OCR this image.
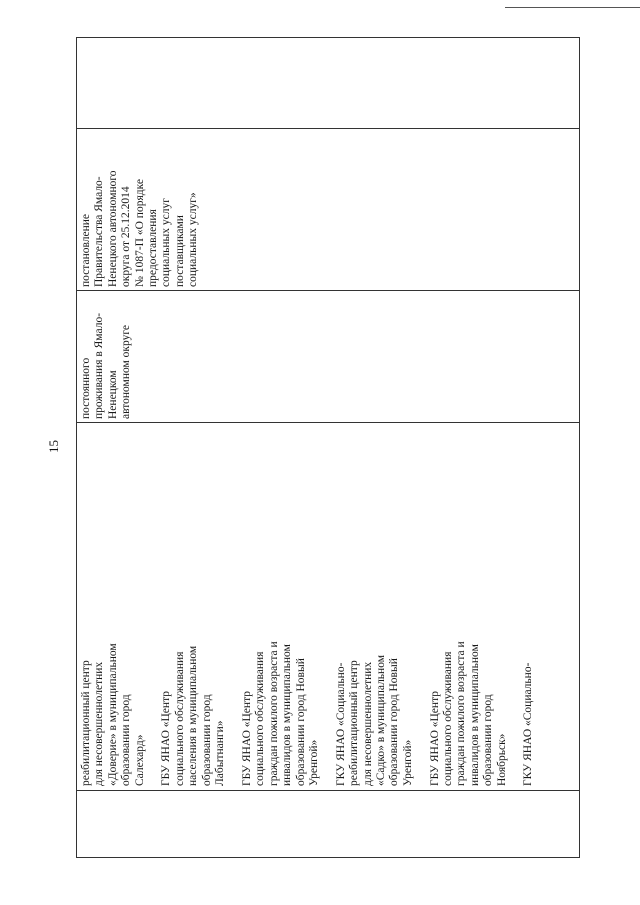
15
реабилитационный центр для несовершеннолетних «Доверие» в муниципальном образовании город Салехард»
ГБУ ЯНАО «Центр социального обслуживания населения в муниципальном образовании город Лабытнанги»
ГБУ ЯНАО «Центр социального обслуживания граждан пожилого возраста и инвалидов в муниципальном образовании город Новый Уренгой»
ГКУ ЯНАО «Социально- реабилитационный центр для несовершеннолетних «Садко» в муниципальном образовании город Новый Уренгой»
ГБУ ЯНАО «Центр социального обслуживания граждан пожилого возраста и инвалидов в муниципальном образовании город Ноябрьск»
ГКУ ЯНАО «Социально-
постоянного проживания в Ямало- Ненецком автономном округе
постановление Правительства Ямало- Ненецкого автономного округа от 25.12.2014 № 1087-П «О порядке предоставления социальных услуг поставщиками социальных услуг»
